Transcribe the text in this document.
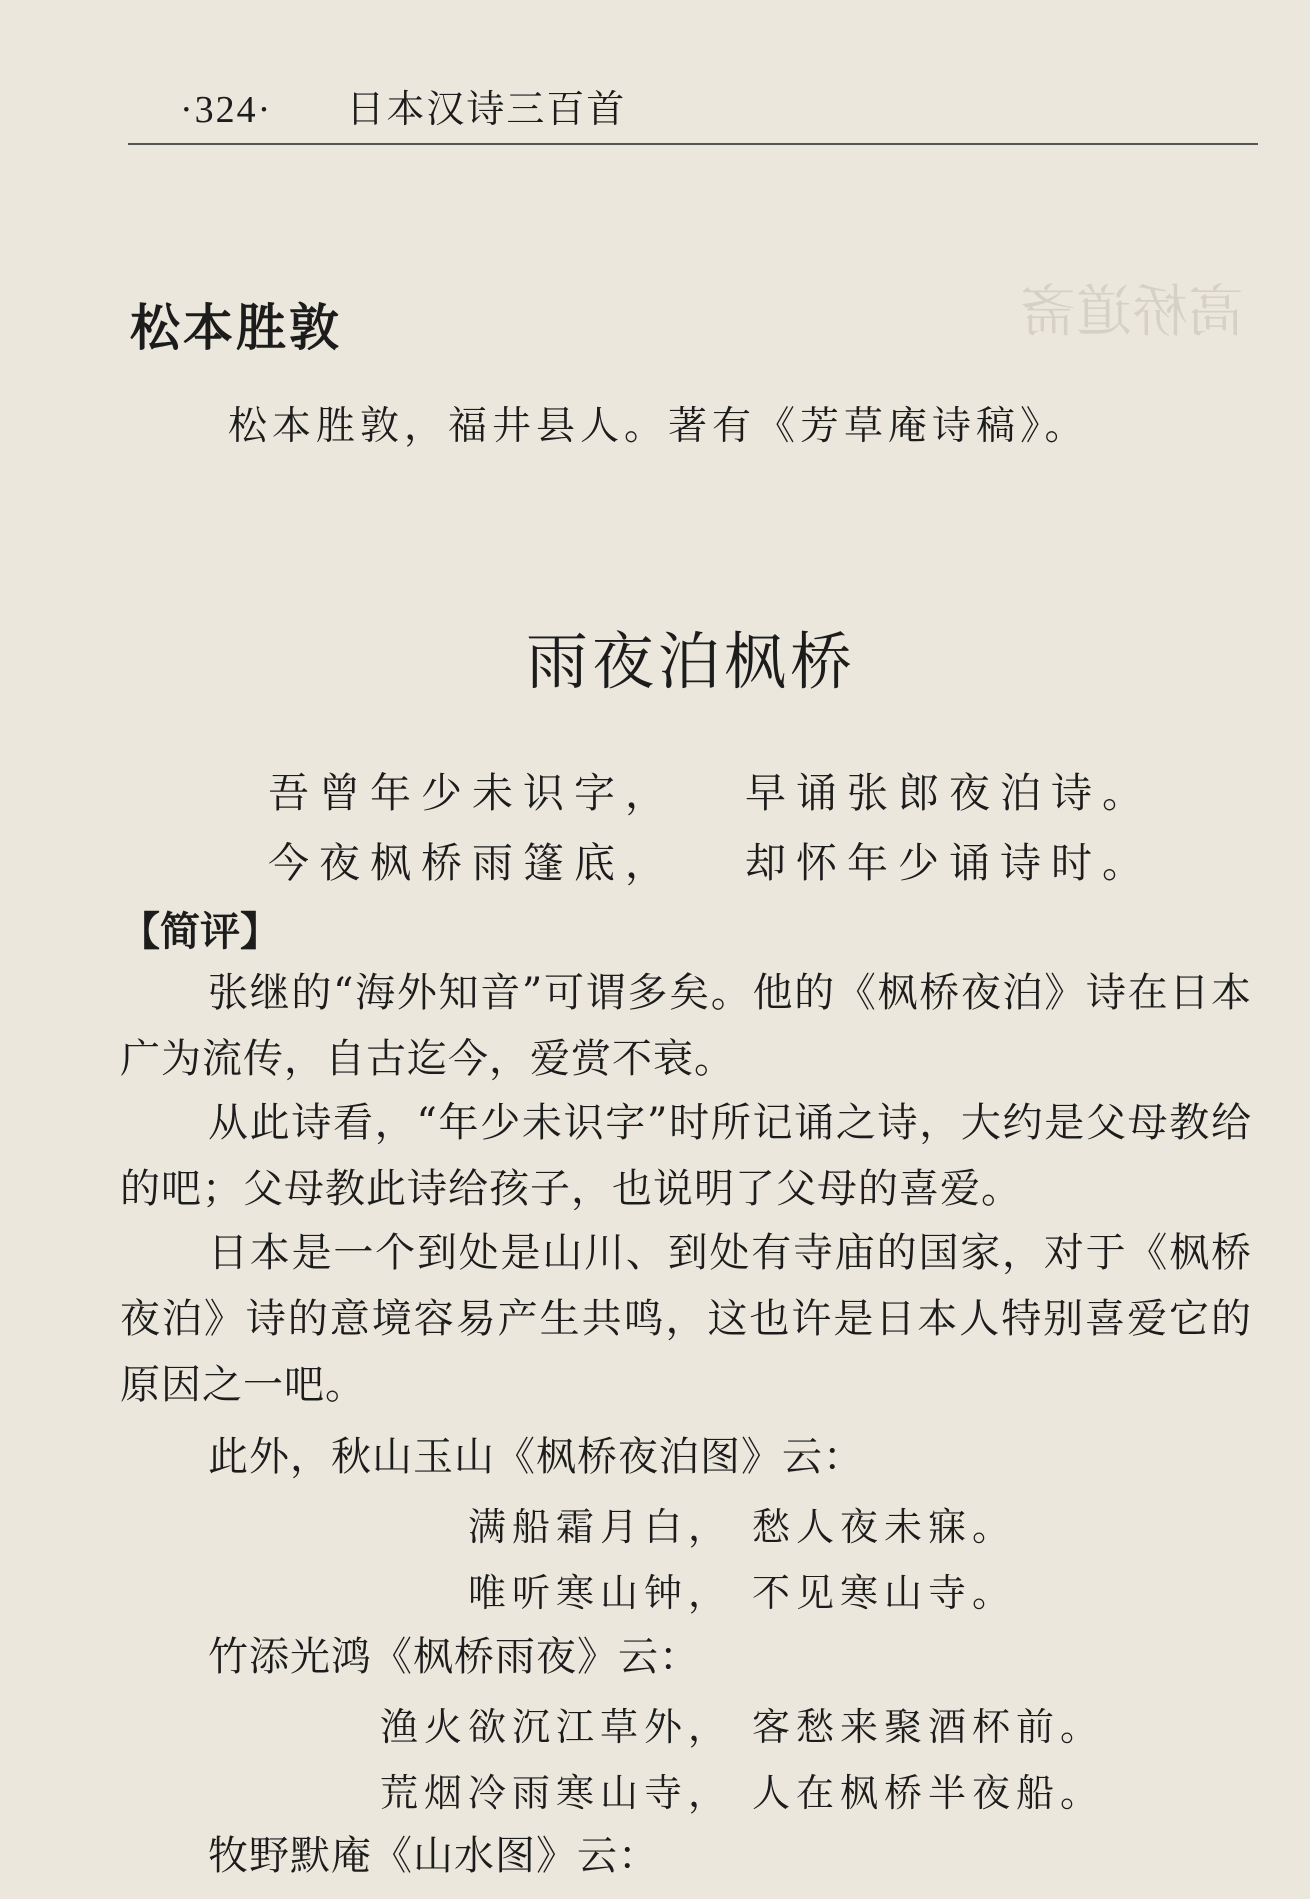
高桥道斋
·324· 日本汉诗三百首
松本胜敦
松本胜敦，福井县人。著有《芳草庵诗稿》。
雨夜泊枫桥
吾曾年少未识字， 早诵张郎夜泊诗。
今夜枫桥雨篷底， 却怀年少诵诗时。
【简评】
张继的“海外知音”可谓多矣。他的《枫桥夜泊》诗在日本广为流传，自古迄今，爱赏不衰。
从此诗看，“年少未识字”时所记诵之诗，大约是父母教给的吧；父母教此诗给孩子，也说明了父母的喜爱。
日本是一个到处是山川、到处有寺庙的国家，对于《枫桥夜泊》诗的意境容易产生共鸣，这也许是日本人特别喜爱它的原因之一吧。
此外，秋山玉山《枫桥夜泊图》云：
满船霜月白， 愁人夜未寐。
唯听寒山钟， 不见寒山寺。
竹添光鸿《枫桥雨夜》云：
渔火欲沉江草外， 客愁来聚酒杯前。
荒烟冷雨寒山寺， 人在枫桥半夜船。
牧野默庵《山水图》云：
